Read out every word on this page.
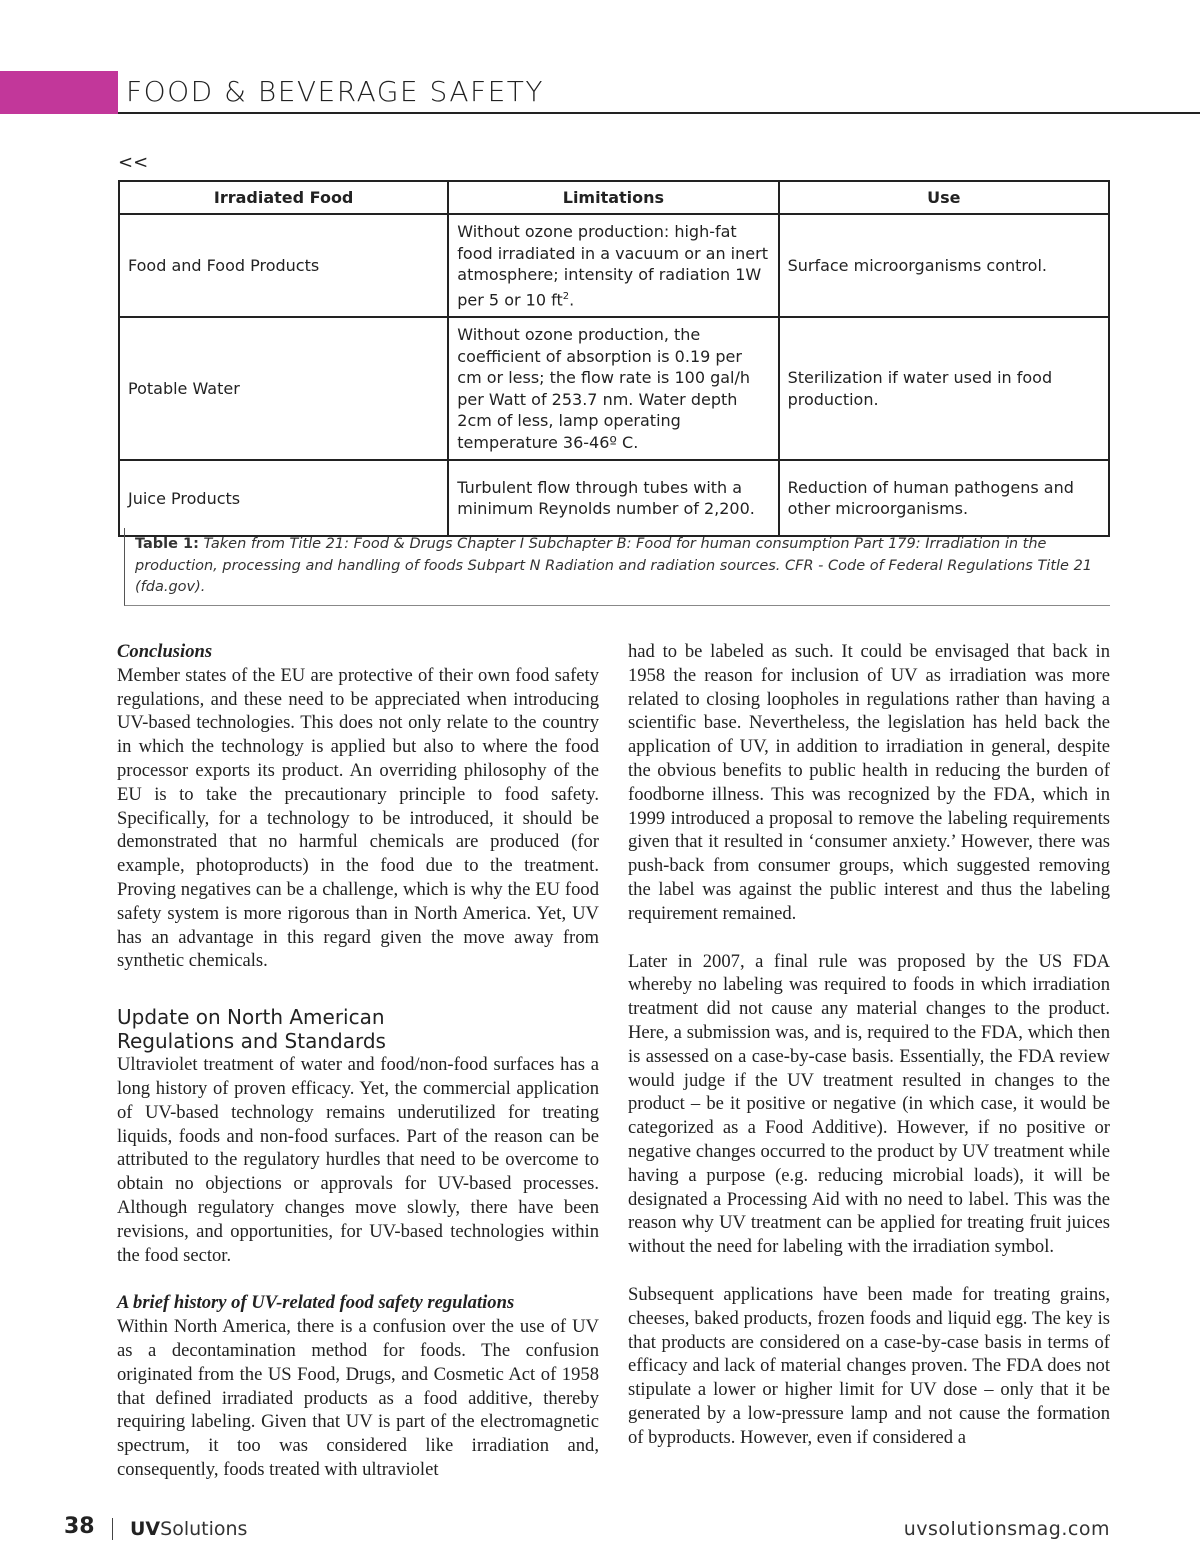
FOOD & BEVERAGE SAFETY
<<
Irradiated Food	Limitations	Use
Food and Food Products	Without ozone production: high-fat food irradiated in a vacuum or an inert atmosphere; intensity of radiation 1W per 5 or 10 $ft^2$.	Surface microorganisms control.
Potable Water	Without ozone production, the coefficient of absorption is 0.19 per cm or less; the flow rate is 100 gal/h per Watt of 253.7 nm. Water depth 2cm of less, lamp operating temperature 36-46º C.	Sterilization if water used in food production.
Juice Products	Turbulent flow through tubes with a minimum Reynolds number of 2,200.	Reduction of human pathogens and other microorganisms.
Table 1: Taken from Title 21: Food & Drugs Chapter I Subchapter B: Food for human consumption Part 179: Irradiation in the production, processing and handling of foods Subpart N Radiation and radiation sources. CFR - Code of Federal Regulations Title 21 (fda.gov).

Conclusions

Member states of the EU are protective of their own food safety regulations, and these need to be appreciated when introducing UV-based technologies. This does not only relate to the country in which the technology is applied but also to where the food processor exports its product. An overriding philosophy of the EU is to take the precautionary principle to food safety. Specifically, for a technology to be introduced, it should be demonstrated that no harmful chemicals are produced (for example, photoproducts) in the food due to the treatment. Proving negatives can be a challenge, which is why the EU food safety system is more rigorous than in North America. Yet, UV has an advantage in this regard given the move away from synthetic chemicals.

Update on North American
Regulations and Standards

Ultraviolet treatment of water and food/non-food surfaces has a long history of proven efficacy. Yet, the commercial application of UV-based technology remains underutilized for treating liquids, foods and non-food surfaces. Part of the reason can be attributed to the regulatory hurdles that need to be overcome to obtain no objections or approvals for UV-based processes. Although regulatory changes move slowly, there have been revisions, and opportunities, for UV-based technologies within the food sector.

A brief history of UV-related food safety regulations

Within North America, there is a confusion over the use of UV as a decontamination method for foods. The confusion originated from the US Food, Drugs, and Cosmetic Act of 1958 that defined irradiated products as a food additive, thereby requiring labeling. Given that UV is part of the electromagnetic spectrum, it too was considered like irradiation and, consequently, foods treated with ultraviolet

had to be labeled as such. It could be envisaged that back in 1958 the reason for inclusion of UV as irradiation was more related to closing loopholes in regulations rather than having a scientific base. Nevertheless, the legislation has held back the application of UV, in addition to irradiation in general, despite the obvious benefits to public health in reducing the burden of foodborne illness. This was recognized by the FDA, which in 1999 introduced a proposal to remove the labeling requirements given that it resulted in ‘consumer anxiety.’ However, there was push-back from consumer groups, which suggested removing the label was against the public interest and thus the labeling requirement remained.

Later in 2007, a final rule was proposed by the US FDA whereby no labeling was required to foods in which irradiation treatment did not cause any material changes to the product. Here, a submission was, and is, required to the FDA, which then is assessed on a case-by-case basis. Essentially, the FDA review would judge if the UV treatment resulted in changes to the product – be it positive or negative (in which case, it would be categorized as a Food Additive). However, if no positive or negative changes occurred to the product by UV treatment while having a purpose (e.g. reducing microbial loads), it will be designated a Processing Aid with no need to label. This was the reason why UV treatment can be applied for treating fruit juices without the need for labeling with the irradiation symbol.

Subsequent applications have been made for treating grains, cheeses, baked products, frozen foods and liquid egg. The key is that products are considered on a case-by-case basis in terms of efficacy and lack of material changes proven. The FDA does not stipulate a lower or higher limit for UV dose – only that it be generated by a low-pressure lamp and not cause the formation of byproducts. However, even if considered a

38 UVSolutions	uvsolutionsmag.com
